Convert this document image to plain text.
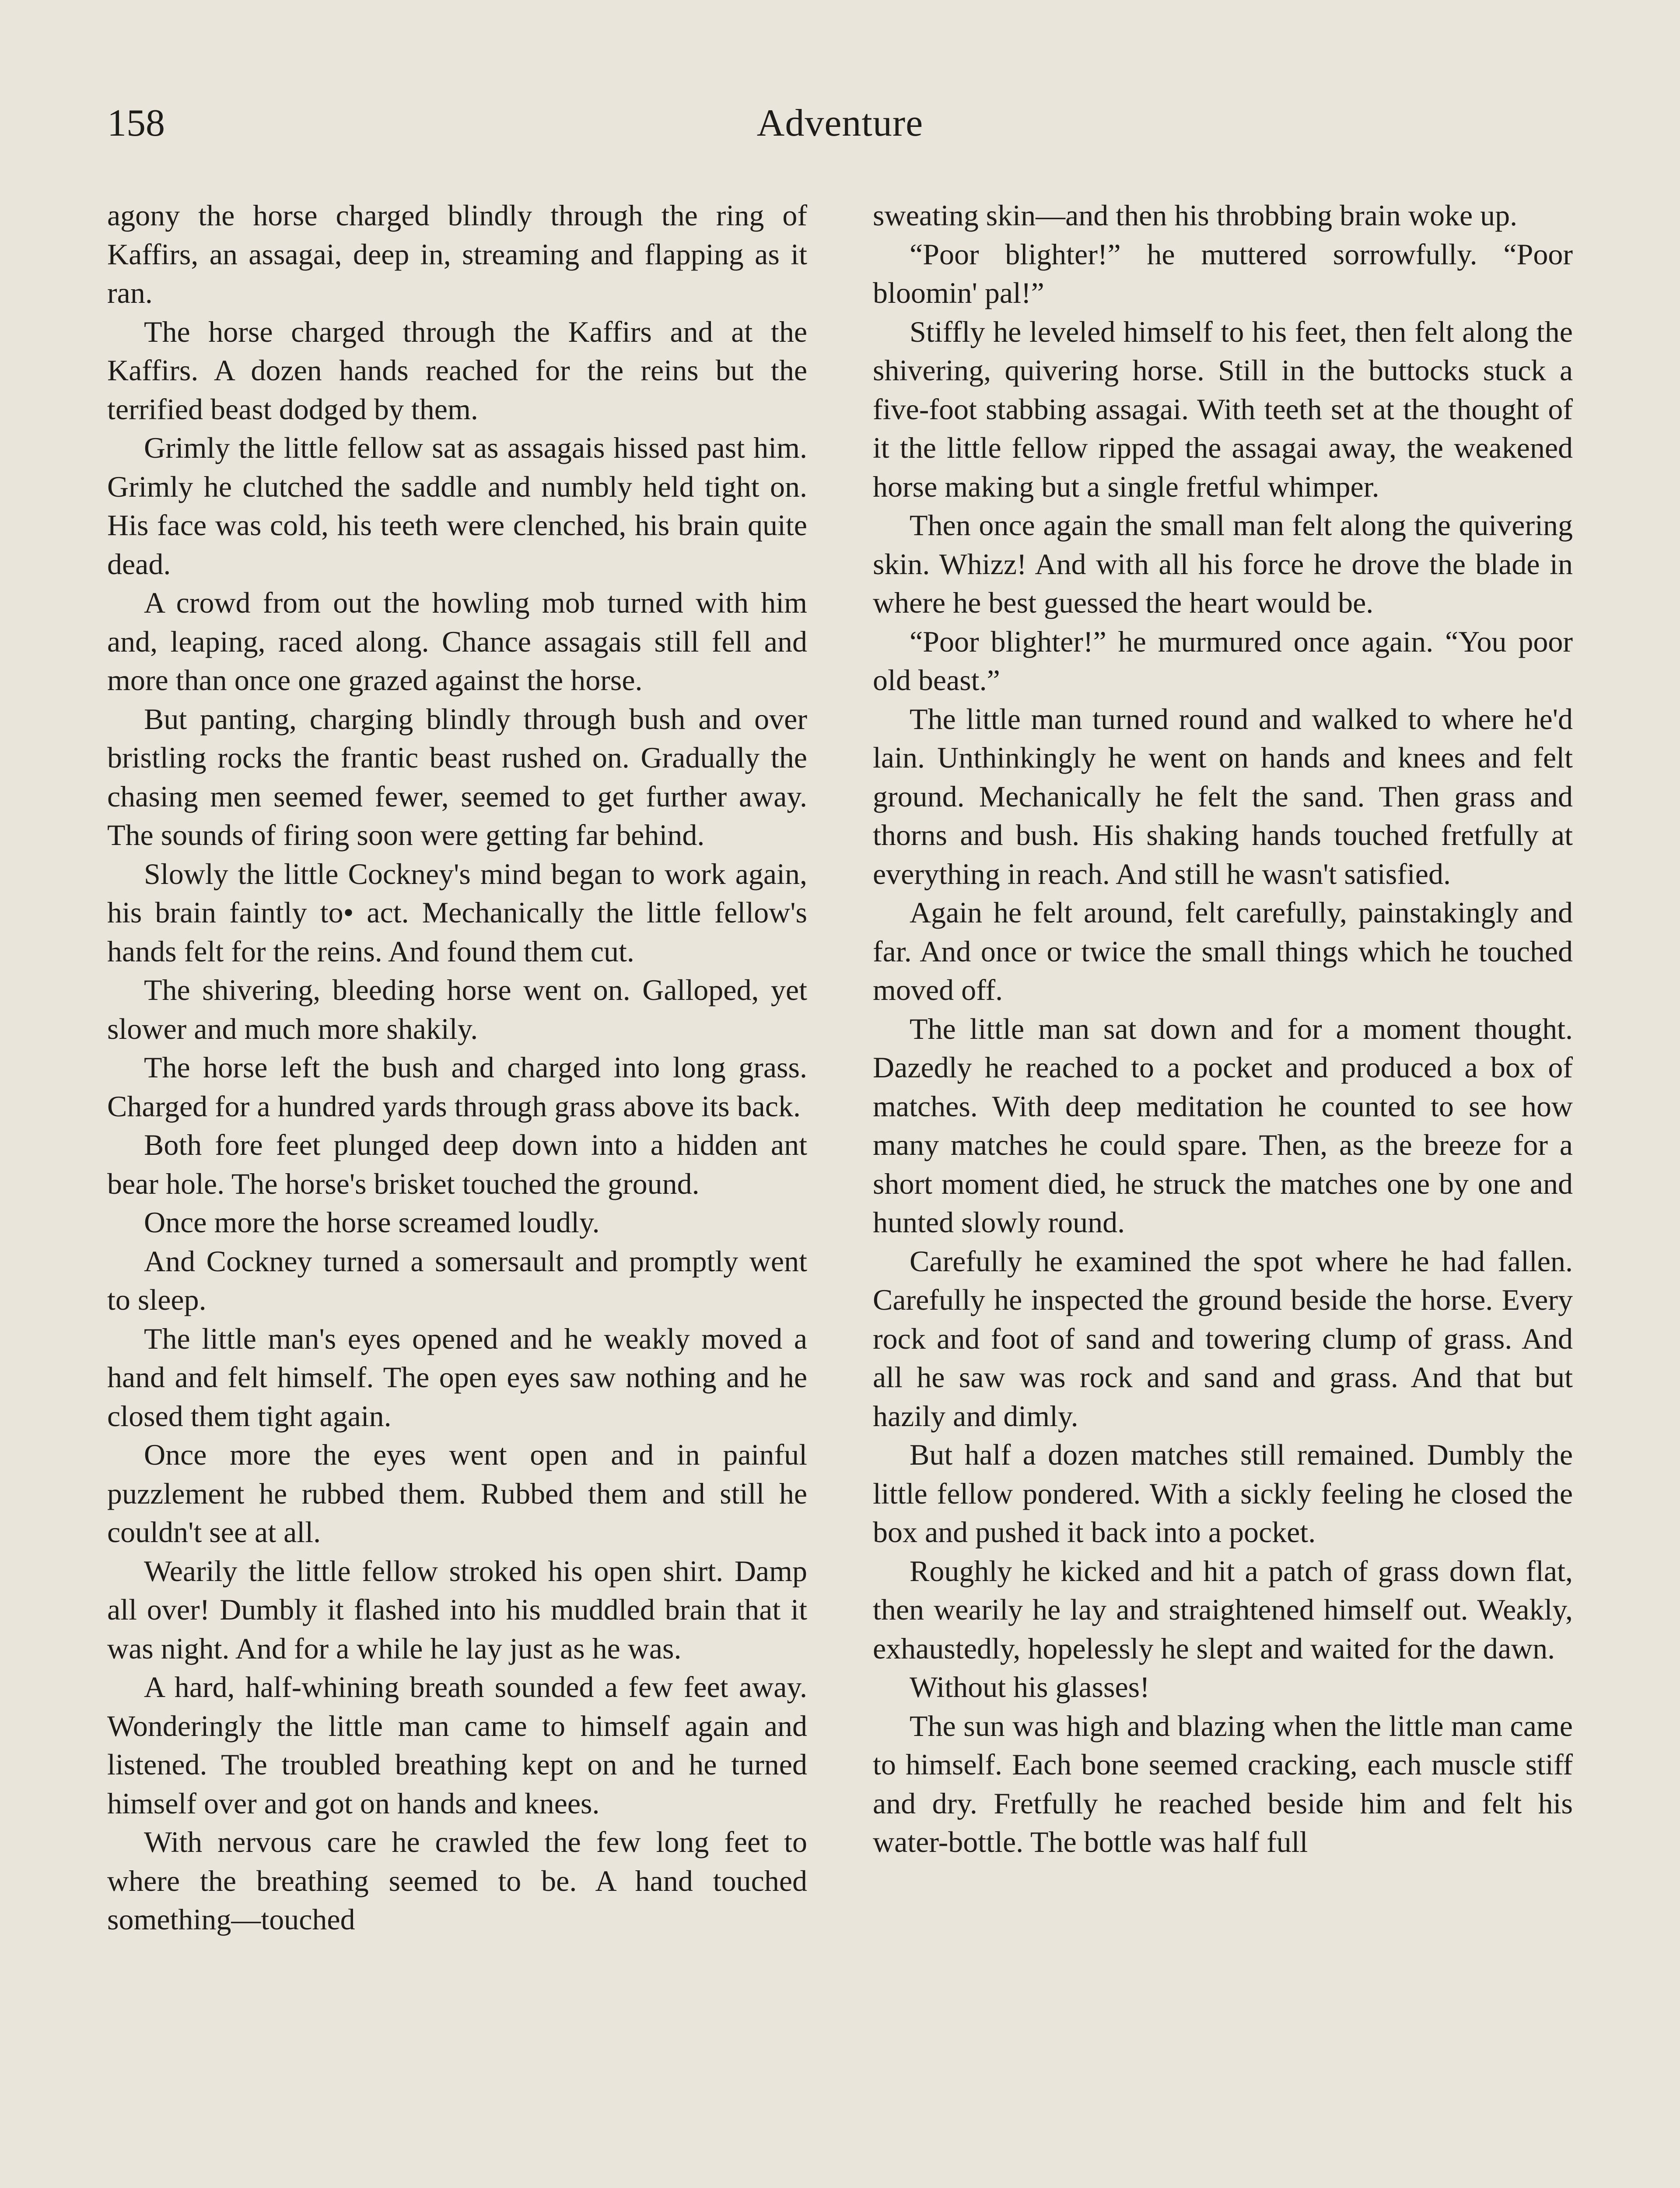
158	Adventure

agony the horse charged blindly through the ring of Kaffirs, an assagai, deep in, streaming and flapping as it ran.

The horse charged through the Kaffirs and at the Kaffirs. A dozen hands reached for the reins but the terrified beast dodged by them.

Grimly the little fellow sat as assagais hissed past him. Grimly he clutched the saddle and numbly held tight on. His face was cold, his teeth were clenched, his brain quite dead.

A crowd from out the howling mob turned with him and, leaping, raced along. Chance assagais still fell and more than once one grazed against the horse.

But panting, charging blindly through bush and over bristling rocks the frantic beast rushed on. Gradually the chasing men seemed fewer, seemed to get further away. The sounds of firing soon were getting far behind.

Slowly the little Cockney's mind began to work again, his brain faintly to• act. Mechanically the little fellow's hands felt for the reins. And found them cut.

The shivering, bleeding horse went on. Galloped, yet slower and much more shakily.

The horse left the bush and charged into long grass. Charged for a hundred yards through grass above its back.

Both fore feet plunged deep down into a hidden ant bear hole. The horse's brisket touched the ground.

Once more the horse screamed loudly.

And Cockney turned a somersault and promptly went to sleep.

The little man's eyes opened and he weakly moved a hand and felt himself. The open eyes saw nothing and he closed them tight again.

Once more the eyes went open and in painful puzzlement he rubbed them. Rubbed them and still he couldn't see at all.

Wearily the little fellow stroked his open shirt. Damp all over! Dumbly it flashed into his muddled brain that it was night. And for a while he lay just as he was.

A hard, half-whining breath sounded a few feet away. Wonderingly the little man came to himself again and listened. The troubled breathing kept on and he turned himself over and got on hands and knees.

With nervous care he crawled the few long feet to where the breathing seemed to be. A hand touched something—touched

sweating skin—and then his throbbing brain woke up.

“Poor blighter!” he muttered sorrowfully. “Poor bloomin' pal!”

Stiffly he leveled himself to his feet, then felt along the shivering, quivering horse. Still in the buttocks stuck a five-foot stabbing assagai. With teeth set at the thought of it the little fellow ripped the assagai away, the weakened horse making but a single fretful whimper.

Then once again the small man felt along the quivering skin. Whizz! And with all his force he drove the blade in where he best guessed the heart would be.

“Poor blighter!” he murmured once again. “You poor old beast.”

The little man turned round and walked to where he'd lain. Unthinkingly he went on hands and knees and felt ground. Mechanically he felt the sand. Then grass and thorns and bush. His shaking hands touched fretfully at everything in reach. And still he wasn't satisfied.

Again he felt around, felt carefully, painstakingly and far. And once or twice the small things which he touched moved off.

The little man sat down and for a moment thought. Dazedly he reached to a pocket and produced a box of matches. With deep meditation he counted to see how many matches he could spare. Then, as the breeze for a short moment died, he struck the matches one by one and hunted slowly round.

Carefully he examined the spot where he had fallen. Carefully he inspected the ground beside the horse. Every rock and foot of sand and towering clump of grass. And all he saw was rock and sand and grass. And that but hazily and dimly.

But half a dozen matches still remained. Dumbly the little fellow pondered. With a sickly feeling he closed the box and pushed it back into a pocket.

Roughly he kicked and hit a patch of grass down flat, then wearily he lay and straightened himself out. Weakly, exhaustedly, hopelessly he slept and waited for the dawn.

Without his glasses!

The sun was high and blazing when the little man came to himself. Each bone seemed cracking, each muscle stiff and dry. Fretfully he reached beside him and felt his water-bottle. The bottle was half full
